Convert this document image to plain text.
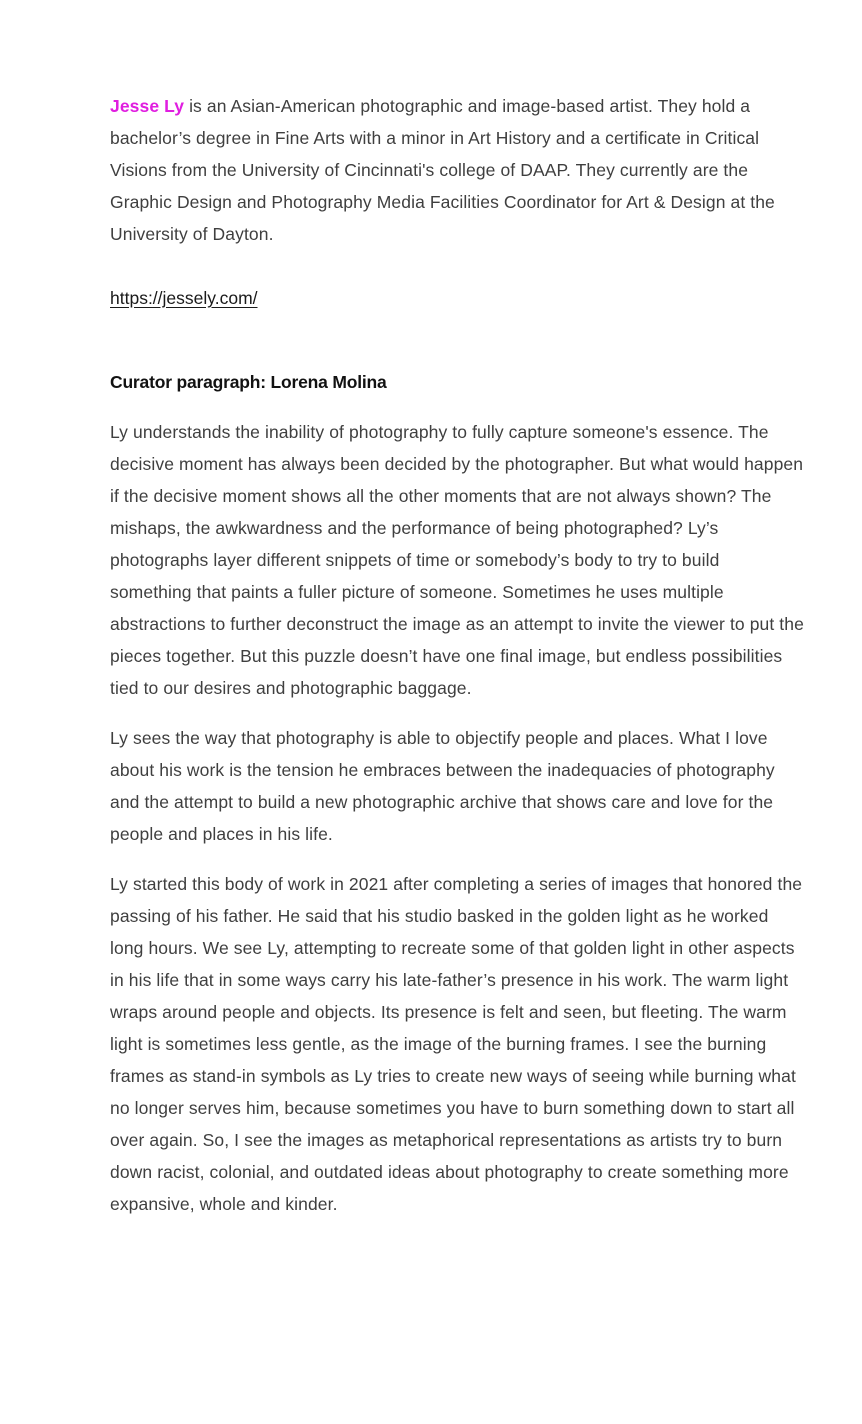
Jesse Ly is an Asian-American photographic and image-based artist. They hold a bachelor’s degree in Fine Arts with a minor in Art History and a certificate in Critical Visions from the University of Cincinnati's college of DAAP. They currently are the Graphic Design and Photography Media Facilities Coordinator for Art & Design at the University of Dayton.

https://jessely.com/
Curator paragraph: Lorena Molina

Ly understands the inability of photography to fully capture someone's essence. The decisive moment has always been decided by the photographer. But what would happen if the decisive moment shows all the other moments that are not always shown? The mishaps, the awkwardness and the performance of being photographed? Ly’s photographs layer different snippets of time or somebody’s body to try to build something that paints a fuller picture of someone. Sometimes he uses multiple abstractions to further deconstruct the image as an attempt to invite the viewer to put the pieces together. But this puzzle doesn’t have one final image, but endless possibilities tied to our desires and photographic baggage.

Ly sees the way that photography is able to objectify people and places. What I love about his work is the tension he embraces between the inadequacies of photography and the attempt to build a new photographic archive that shows care and love for the people and places in his life.

Ly started this body of work in 2021 after completing a series of images that honored the passing of his father. He said that his studio basked in the golden light as he worked long hours. We see Ly, attempting to recreate some of that golden light in other aspects in his life that in some ways carry his late-father’s presence in his work. The warm light wraps around people and objects. Its presence is felt and seen, but fleeting. The warm light is sometimes less gentle, as the image of the burning frames. I see the burning frames as stand-in symbols as Ly tries to create new ways of seeing while burning what no longer serves him, because sometimes you have to burn something down to start all over again. So, I see the images as metaphorical representations as artists try to burn down racist, colonial, and outdated ideas about photography to create something more expansive, whole and kinder.
